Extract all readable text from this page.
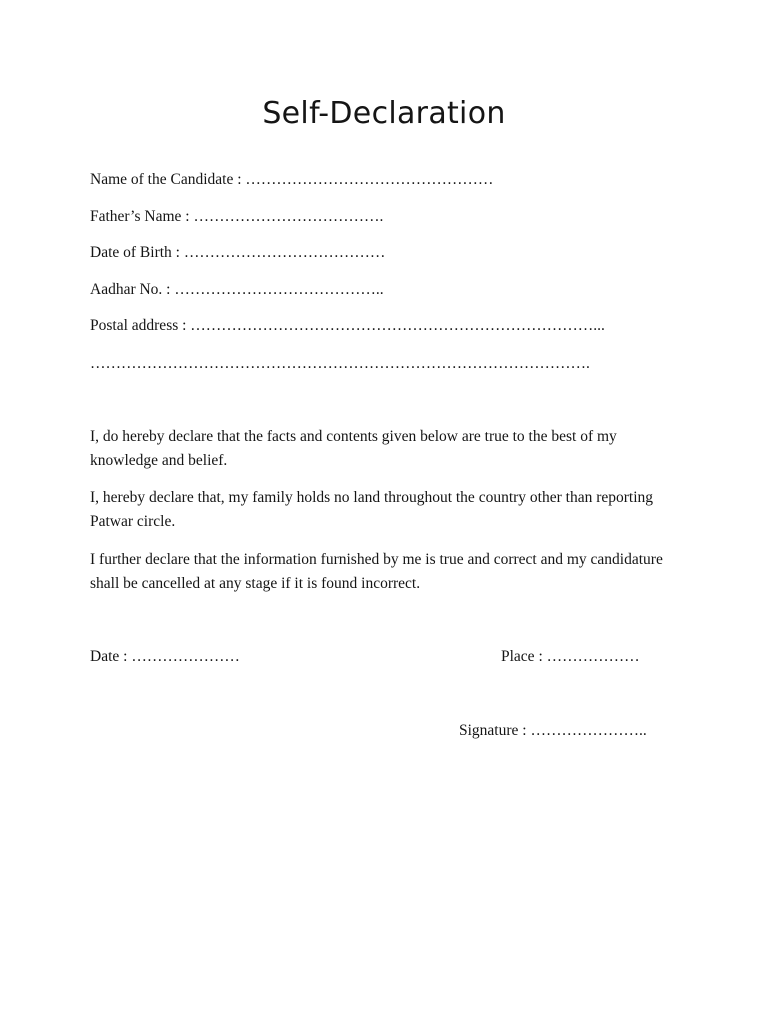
Self-Declaration
Name of the Candidate : …………………………………………
Father’s Name : ……………………………….
Date of Birth : …………………………………
Aadhar No. : …………………………………..
Postal address : ……………………………………………………………………...
…………………………………………………………………………………….
I, do hereby declare that the facts and contents given below are true to the best of my knowledge and belief.
I, hereby declare that, my family holds no land throughout the country other than reporting Patwar circle.
I further declare that the information furnished by me is true and correct and my candidature shall be cancelled at any stage if it is found incorrect.
Date : …………………	Place : ………………
Signature : …………………..
